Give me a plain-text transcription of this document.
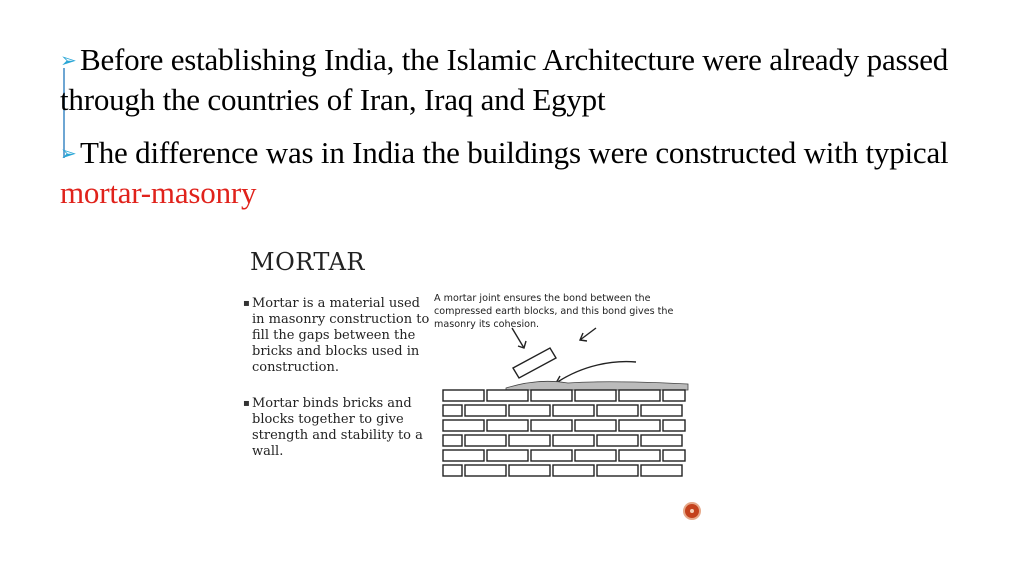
➢ Before establishing India, the Islamic Architecture were already passed through the countries of Iran, Iraq and Egypt

➢ The difference was in India the buildings were constructed with typical mortar-masonry

MORTAR
▪ Mortar is a material used in masonry construction to fill the gaps between the bricks and blocks used in construction.
▪ Mortar binds bricks and blocks together to give strength and stability to a wall.
A mortar joint ensures the bond between the compressed earth blocks, and this bond gives the masonry its cohesion.
